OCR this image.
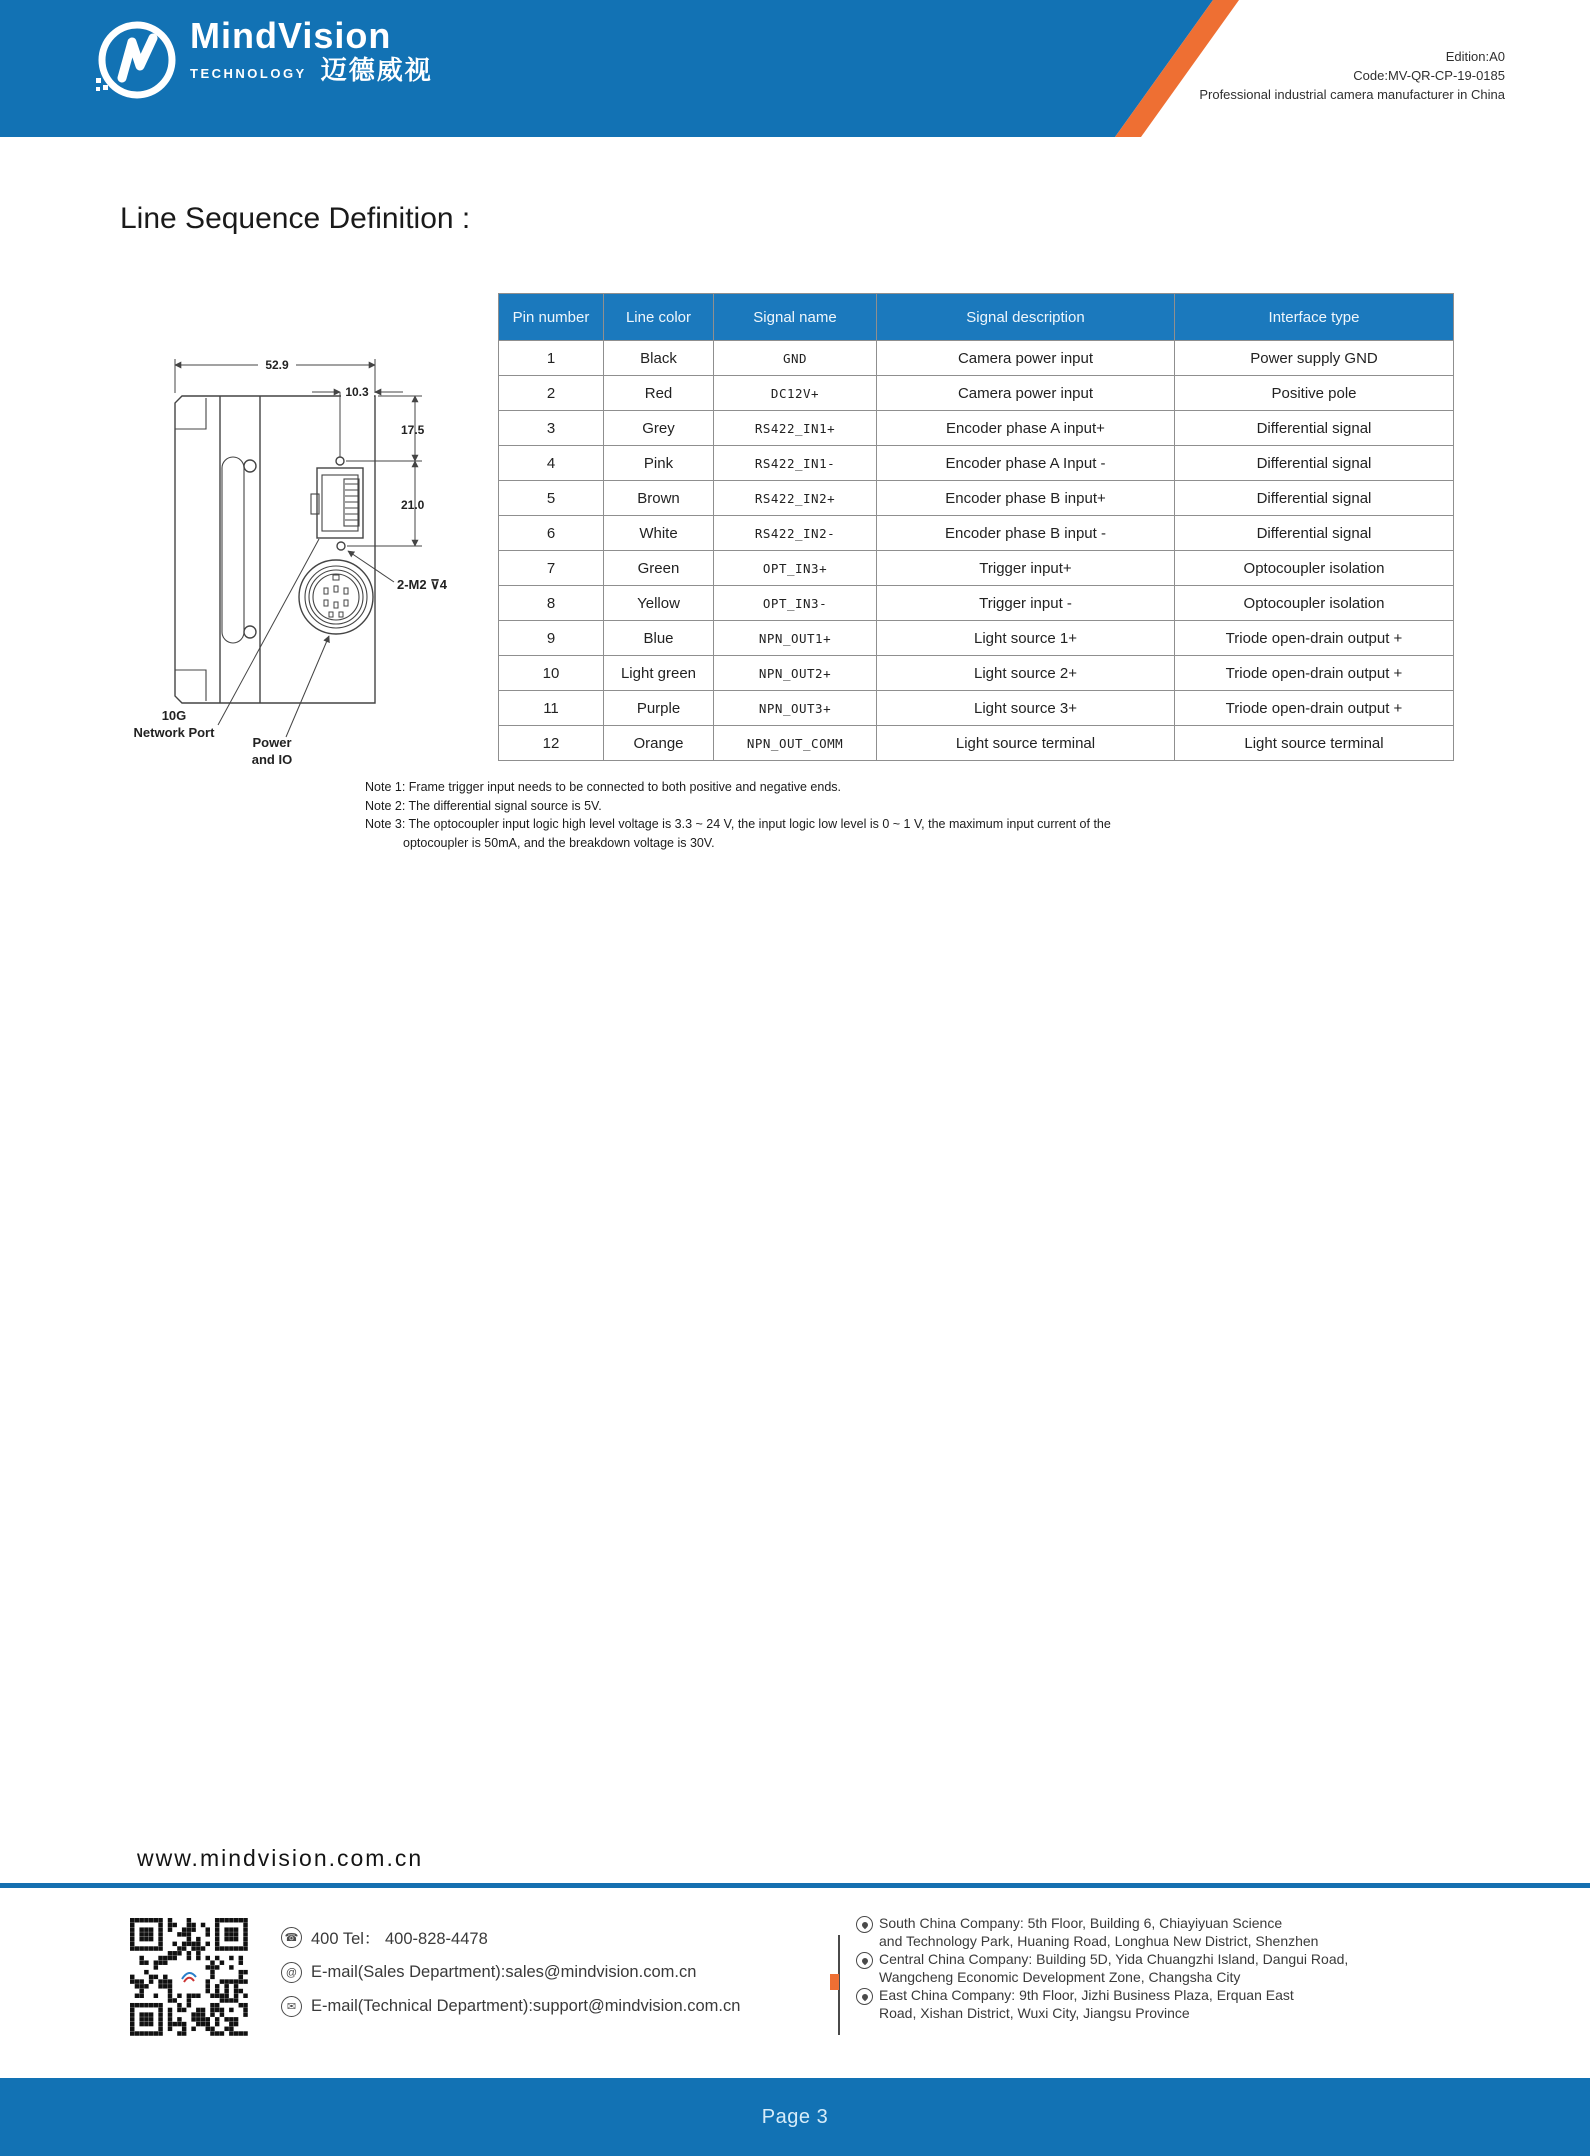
MindVision
TECHNOLOGY 迈德威视	Edition:A0
Code:MV-QR-CP-19-0185
Professional industrial camera manufacturer in China
Line Sequence Definition :
52.9
10.3
17.5
21.0
2-M2 ⊽4
10G
Network Port
Power
and IO
Pin number	Line color	Signal name	Signal description	Interface type
1	Black	GND	Camera power input	Power supply GND
2	Red	DC12V+	Camera power input	Positive pole
3	Grey	RS422_IN1+	Encoder phase A input+	Differential signal
4	Pink	RS422_IN1-	Encoder phase A Input -	Differential signal
5	Brown	RS422_IN2+	Encoder phase B input+	Differential signal
6	White	RS422_IN2-	Encoder phase B input -	Differential signal
7	Green	OPT_IN3+	Trigger input+	Optocoupler isolation
8	Yellow	OPT_IN3-	Trigger input -	Optocoupler isolation
9	Blue	NPN_OUT1+	Light source 1+	Triode open-drain output +
10	Light green	NPN_OUT2+	Light source 2+	Triode open-drain output +
11	Purple	NPN_OUT3+	Light source 3+	Triode open-drain output +
12	Orange	NPN_OUT_COMM	Light source terminal	Light source terminal
Note 1: Frame trigger input needs to be connected to both positive and negative ends.
Note 2: The differential signal source is 5V.
Note 3: The optocoupler input logic high level voltage is 3.3 ~ 24 V, the input logic low level is 0 ~ 1 V, the maximum input current of the
optocoupler is 50mA, and the breakdown voltage is 30V.
www.mindvision.com.cn
☎ 400 Tel： 400-828-4478
@ E-mail(Sales Department):sales@mindvision.com.cn
✉ E-mail(Technical Department):support@mindvision.com.cn
South China Company: 5th Floor, Building 6, Chiayiyuan Science
and Technology Park, Huaning Road, Longhua New District, Shenzhen
Central China Company: Building 5D, Yida Chuangzhi Island, Dangui Road,
Wangcheng Economic Development Zone, Changsha City
East China Company: 9th Floor, Jizhi Business Plaza, Erquan East
Road, Xishan District, Wuxi City, Jiangsu Province
Page 3
